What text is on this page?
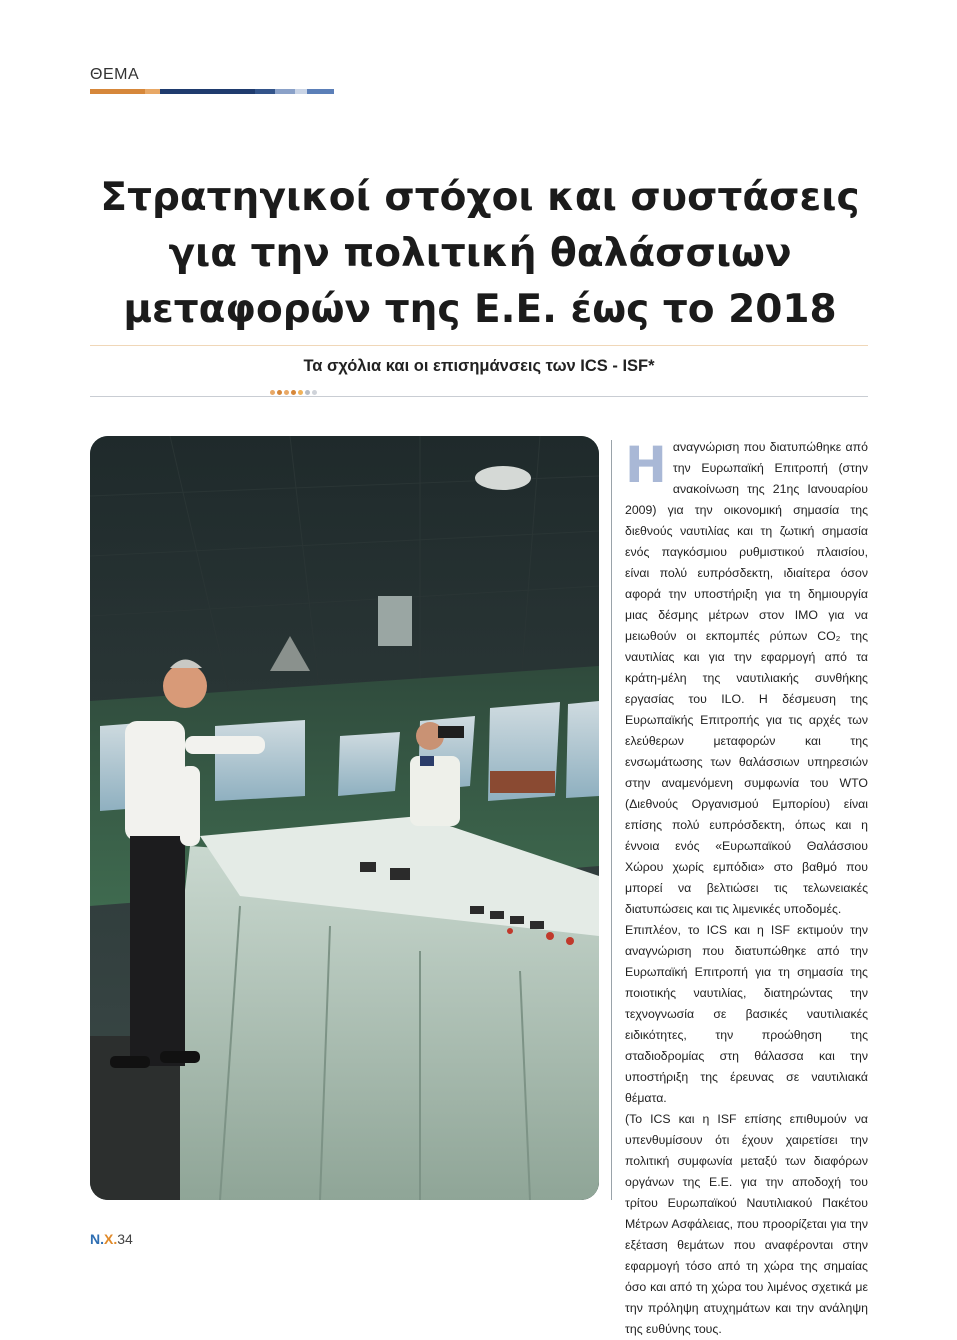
ΘΕΜΑ
Στρατηγικοί στόχοι και συστάσεις
για την πολιτική θαλάσσιων
μεταφορών της Ε.Ε. έως το 2018
Τα σχόλια και οι επισημάνσεις των ICS - ISF*

Ηαναγνώριση που διατυπώθηκε από την Ευρωπαϊκή Επιτροπή (στην ανακοίνωση της 21ης Ιανουαρίου 2009) για την οικονομική σημασία της διεθνούς ναυτιλίας και τη ζωτική σημασία ενός παγκόσμιου ρυθμιστικού πλαισίου, είναι πολύ ευπρόσδεκτη, ιδιαίτερα όσον αφορά την υποστήριξη για τη δημιουργία μιας δέσμης μέτρων στον ΙΜΟ για να μειωθούν οι εκπομπές ρύπων CO₂ της ναυτιλίας και για την εφαρμογή από τα κράτη-μέλη της ναυτιλιακής συνθήκης εργασίας του ILO. Η δέσμευση της Ευρωπαϊκής Επιτροπής για τις αρχές των ελεύθερων μεταφορών και της ενσωμάτωσης των θαλάσσιων υπηρεσιών στην αναμενόμενη συμφωνία του WTO (Διεθνούς Οργανισμού Εμπορίου) είναι επίσης πολύ ευπρόσδεκτη, όπως και η έννοια ενός «Ευρωπαϊκού Θαλάσσιου Χώρου χωρίς εμπόδια» στο βαθμό που μπορεί να βελτιώσει τις τελωνειακές διατυπώσεις και τις λιμενικές υποδομές.

Επιπλέον, το ICS και η ISF εκτιμούν την αναγνώριση που διατυπώθηκε από την Ευρωπαϊκή Επιτροπή για τη σημασία της ποιοτικής ναυτιλίας, διατηρώντας την τεχνογνωσία σε βασικές ναυτιλιακές ειδικότητες, την προώθηση της σταδιοδρομίας στη θάλασσα και την υποστήριξη της έρευνας σε ναυτιλιακά θέματα.

(Το ICS και η ISF επίσης επιθυμούν να υπενθυμίσουν ότι έχουν χαιρετίσει την πολιτική συμφωνία μεταξύ των διαφόρων οργάνων της Ε.Ε. για την αποδοχή του τρίτου Ευρωπαϊκού Ναυτιλιακού Πακέτου Μέτρων Ασφάλειας, που προορίζεται για την εξέταση θεμάτων που αναφέρονται στην εφαρμογή τόσο από τη χώρα της σημαίας όσο και από τη χώρα του λιμένος σχετικά με την πρόληψη ατυχημάτων και την ανάληψη της ευθύνης τους.

Ν.Χ.34
